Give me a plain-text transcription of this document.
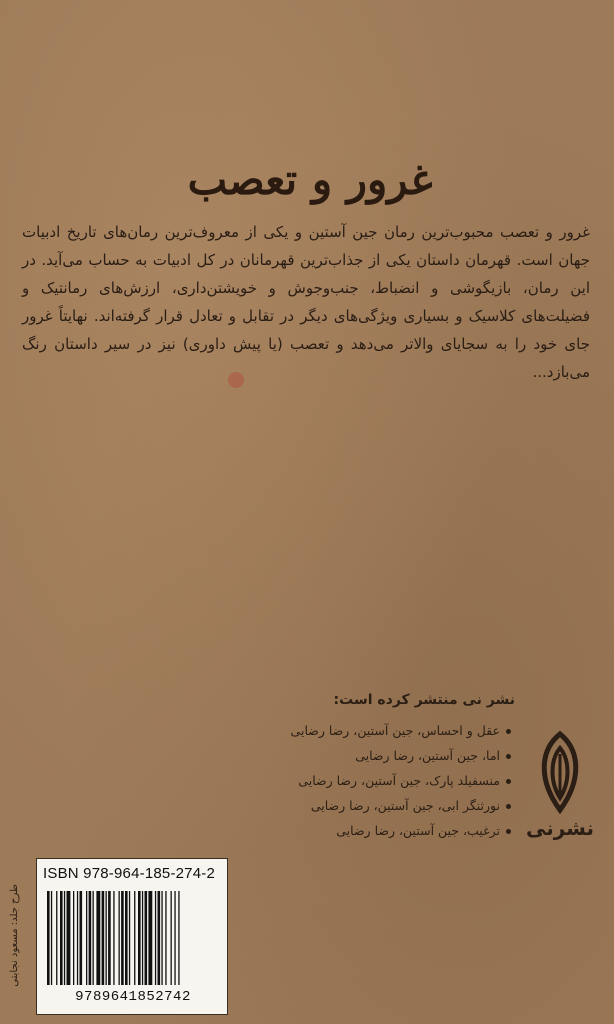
غرور و تعصب

غرور و تعصب محبوب‌ترین رمان جین آستین و یکی از معروف‌ترین رمان‌های تاریخ ادبیات جهان است. قهرمان داستان یکی از جذاب‌ترین قهرمانان در کل ادبیات به حساب می‌آید. در این رمان، بازیگوشی و انضباط، جنب‌وجوش و خویشتن‌داری، ارزش‌های رمانتیک و فضیلت‌های کلاسیک و بسیاری ویژگی‌های دیگر در تقابل و تعادل قرار گرفته‌اند. نهایتاً غرور جای خود را به سجایای والاتر می‌دهد و تعصب (یا پیش داوری) نیز در سیر داستان رنگ می‌بازد...

نشر نی منتشر کرده است:
عقل و احساس، جین آستین، رضا رضایی
اما، جین آستین، رضا رضایی
منسفیلد پارک، جین آستین، رضا رضایی
نورثنگر ابی، جین آستین، رضا رضایی
ترغیب، جین آستین، رضا رضایی	نشرنی
طرح جلد: مسعود نجابتی
ISBN 978-964-185-274-2
9789641852742
